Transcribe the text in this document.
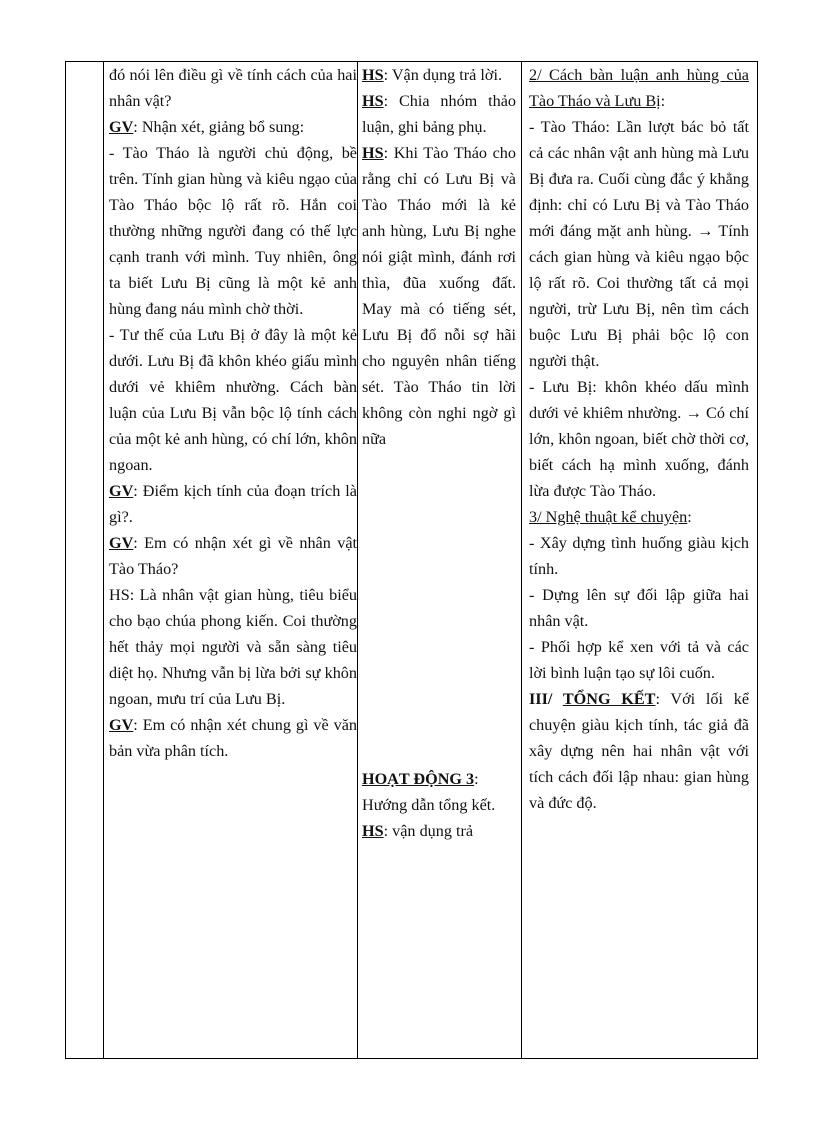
đó nói lên điều gì về tính cách của hai nhân vật?

GV: Nhận xét, giảng bổ sung:

- Tào Tháo là người chủ động, bề trên. Tính gian hùng và kiêu ngạo của Tào Tháo bộc lộ rất rõ. Hắn coi thường những người đang có thế lực cạnh tranh với mình. Tuy nhiên, ông ta biết Lưu Bị cũng là một kẻ anh hùng đang náu mình chờ thời.

- Tư thế của Lưu Bị ở đây là một kẻ dưới. Lưu Bị đã khôn khéo giấu mình dưới vẻ khiêm nhường. Cách bàn luận của Lưu Bị vẫn bộc lộ tính cách của một kẻ anh hùng, có chí lớn, khôn ngoan.

GV: Điểm kịch tính của đoạn trích là gì?.

GV: Em có nhận xét gì về nhân vật Tào Tháo?

HS: Là nhân vật gian hùng, tiêu biểu cho bạo chúa phong kiến. Coi thường hết thảy mọi người và sẵn sàng tiêu diệt họ. Nhưng vẫn bị lừa bởi sự khôn ngoan, mưu trí của Lưu Bị.

GV: Em có nhận xét chung gì về văn bản vừa phân tích.

HS: Vận dụng trả lời.

HS: Chia nhóm thảo luận, ghi bảng phụ.

HS: Khi Tào Tháo cho rằng chỉ có Lưu Bị và Tào Tháo mới là kẻ anh hùng, Lưu Bị nghe nói giật mình, đánh rơi thìa, đũa xuống đất. May mà có tiếng sét, Lưu Bị đổ nỗi sợ hãi cho nguyên nhân tiếng sét. Tào Tháo tin lời không còn nghi ngờ gì nữa

HOẠT ĐỘNG 3:

Hướng dẫn tổng kết.

HS: vận dụng trả

2/ Cách bàn luận anh hùng của Tào Tháo và Lưu Bị:

- Tào Tháo: Lần lượt bác bỏ tất cả các nhân vật anh hùng mà Lưu Bị đưa ra. Cuối cùng đắc ý khẳng định: chỉ có Lưu Bị và Tào Tháo mới đáng mặt anh hùng. → Tính cách gian hùng và kiêu ngạo bộc lộ rất rõ. Coi thường tất cả mọi người, trừ Lưu Bị, nên tìm cách buộc Lưu Bị phải bộc lộ con người thật.

- Lưu Bị: khôn khéo dấu mình dưới vẻ khiêm nhường. → Có chí lớn, khôn ngoan, biết chờ thời cơ, biết cách hạ mình xuống, đánh lừa được Tào Tháo.

3/ Nghệ thuật kể chuyện:

- Xây dựng tình huống giàu kịch tính.

- Dựng lên sự đối lập giữa hai nhân vật.

- Phối hợp kể xen với tả và các lời bình luận tạo sự lôi cuốn.

III/ TỔNG KẾT: Với lối kể chuyện giàu kịch tính, tác giả đã xây dựng nên hai nhân vật với tích cách đối lập nhau: gian hùng và đức độ.
